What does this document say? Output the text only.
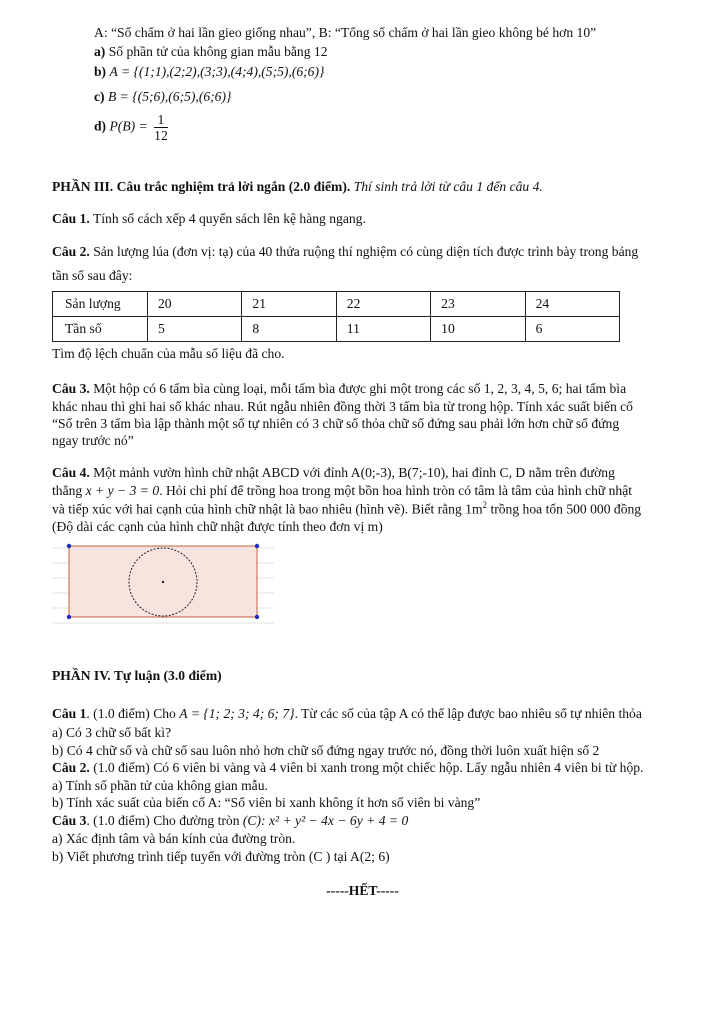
A: “Số chấm ở hai lần gieo giống nhau”, B: “Tổng số chấm ở hai lần gieo không bé hơn 10”
a) Số phần tử của không gian mẫu bằng 12
b) A = {(1;1),(2;2),(3;3),(4;4),(5;5),(6;6)}
c) B = {(5;6),(6;5),(6;6)}
d) $P(B) = \frac{1}{12}$
PHẦN III. Câu trắc nghiệm trả lời ngắn (2.0 điểm). Thí sinh trả lời từ câu 1 đến câu 4.
Câu 1. Tính số cách xếp 4 quyển sách lên kệ hàng ngang.
Câu 2. Sản lượng lúa (đơn vị: tạ) của 40 thửa ruộng thí nghiệm có cùng diện tích được trình bày trong bảng
tần số sau đây:
Sản lượng	20	21	22	23	24
Tần số	5	8	11	10	6
Tìm độ lệch chuẩn của mẫu số liệu đã cho.
Câu 3. Một hộp có 6 tấm bìa cùng loại, mỗi tấm bìa được ghi một trong các số 1, 2, 3, 4, 5, 6; hai tấm bìa
khác nhau thì ghi hai số khác nhau. Rút ngẫu nhiên đồng thời 3 tấm bìa từ trong hộp. Tính xác suất biến cố
“Số trên 3 tấm bìa lập thành một số tự nhiên có 3 chữ số thỏa chữ số đứng sau phải lớn hơn chữ số đứng
ngay trước nó”
Câu 4. Một mảnh vườn hình chữ nhật ABCD với đỉnh A(0;-3), B(7;-10), hai đỉnh C, D nằm trên đường
thẳng x + y − 3 = 0. Hỏi chi phí để trồng hoa trong một bồn hoa hình tròn có tâm là tâm của hình chữ nhật
và tiếp xúc với hai cạnh của hình chữ nhật là bao nhiêu (hình vẽ). Biết rằng $1m^2$ trồng hoa tốn 500 000 đồng
(Độ dài các cạnh của hình chữ nhật được tính theo đơn vị m)
PHẦN IV. Tự luận (3.0 điểm)
Câu 1. (1.0 điểm) Cho A = {1; 2; 3; 4; 6; 7}. Từ các số của tập A có thể lập được bao nhiêu số tự nhiên thỏa
a) Có 3 chữ số bất kì?
b) Có 4 chữ số và chữ số sau luôn nhỏ hơn chữ số đứng ngay trước nó, đồng thời luôn xuất hiện số 2
Câu 2. (1.0 điểm) Có 6 viên bi vàng và 4 viên bi xanh trong một chiếc hộp. Lấy ngẫu nhiên 4 viên bi từ hộp.
a) Tính số phần tử của không gian mẫu.
b) Tính xác suất của biến cố A: “Số viên bi xanh không ít hơn số viên bi vàng”
Câu 3. (1.0 điểm) Cho đường tròn (C): x² + y² − 4x − 6y + 4 = 0
a) Xác định tâm và bán kính của đường tròn.
b) Viết phương trình tiếp tuyến với đường tròn (C ) tại A(2; 6)
-----HẾT-----
